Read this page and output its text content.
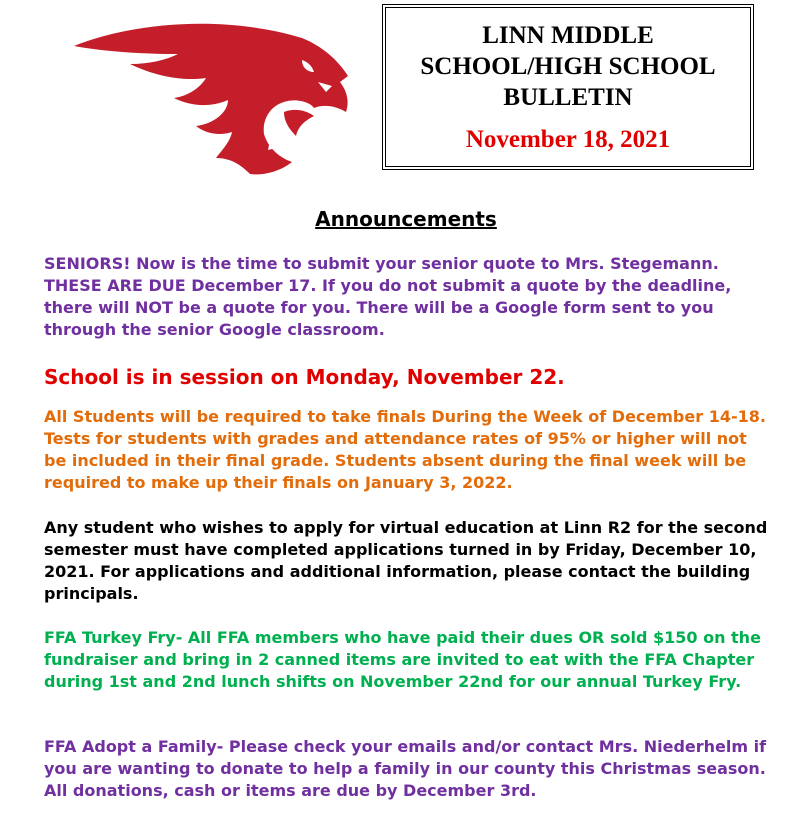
LINN MIDDLE
SCHOOL/HIGH SCHOOL
BULLETIN
November 18, 2021
Announcements

SENIORS! Now is the time to submit your senior quote to Mrs. Stegemann. THESE ARE DUE December 17. If you do not submit a quote by the deadline, there will NOT be a quote for you. There will be a Google form sent to you through the senior Google classroom.

School is in session on Monday, November 22.

All Students will be required to take finals During the Week of December 14-18. Tests for students with grades and attendance rates of 95% or higher will not be included in their final grade. Students absent during the final week will be required to make up their finals on January 3, 2022.

Any student who wishes to apply for virtual education at Linn R2 for the second semester must have completed applications turned in by Friday, December 10, 2021. For applications and additional information, please contact the building principals.

FFA Turkey Fry- All FFA members who have paid their dues OR sold $150 on the fundraiser and bring in 2 canned items are invited to eat with the FFA Chapter during 1st and 2nd lunch shifts on November 22nd for our annual Turkey Fry.

FFA Adopt a Family- Please check your emails and/or contact Mrs. Niederhelm if you are wanting to donate to help a family in our county this Christmas season. All donations, cash or items are due by December 3rd.
